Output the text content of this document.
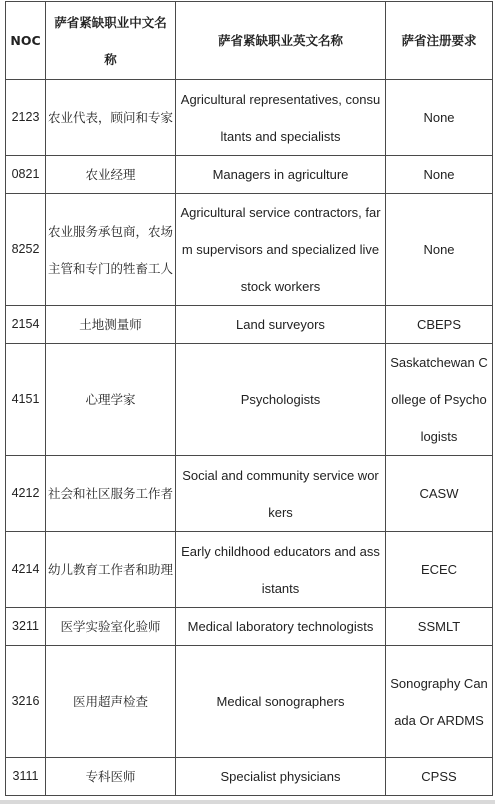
NOC	萨省紧缺职业中文名称	萨省紧缺职业英文名称	萨省注册要求
2123	农业代表，顾问和专家	Agricultural representatives, consultants and specialists	None
0821	农业经理	Managers in agriculture	None
8252	农业服务承包商，农场主管和专门的牲畜工人	Agricultural service contractors, farm supervisors and specialized livestock workers	None
2154	土地测量师	Land surveyors	CBEPS
4151	心理学家	Psychologists	Saskatchewan College of Psychologists
4212	社会和社区服务工作者	Social and community service workers	CASW
4214	幼儿教育工作者和助理	Early childhood educators and assistants	ECEC
3211	医学实验室化验师	Medical laboratory technologists	SSMLT
3216	医用超声检查	Medical sonographers	Sonography Canada Or ARDMS
3111	专科医师	Specialist physicians	CPSS
